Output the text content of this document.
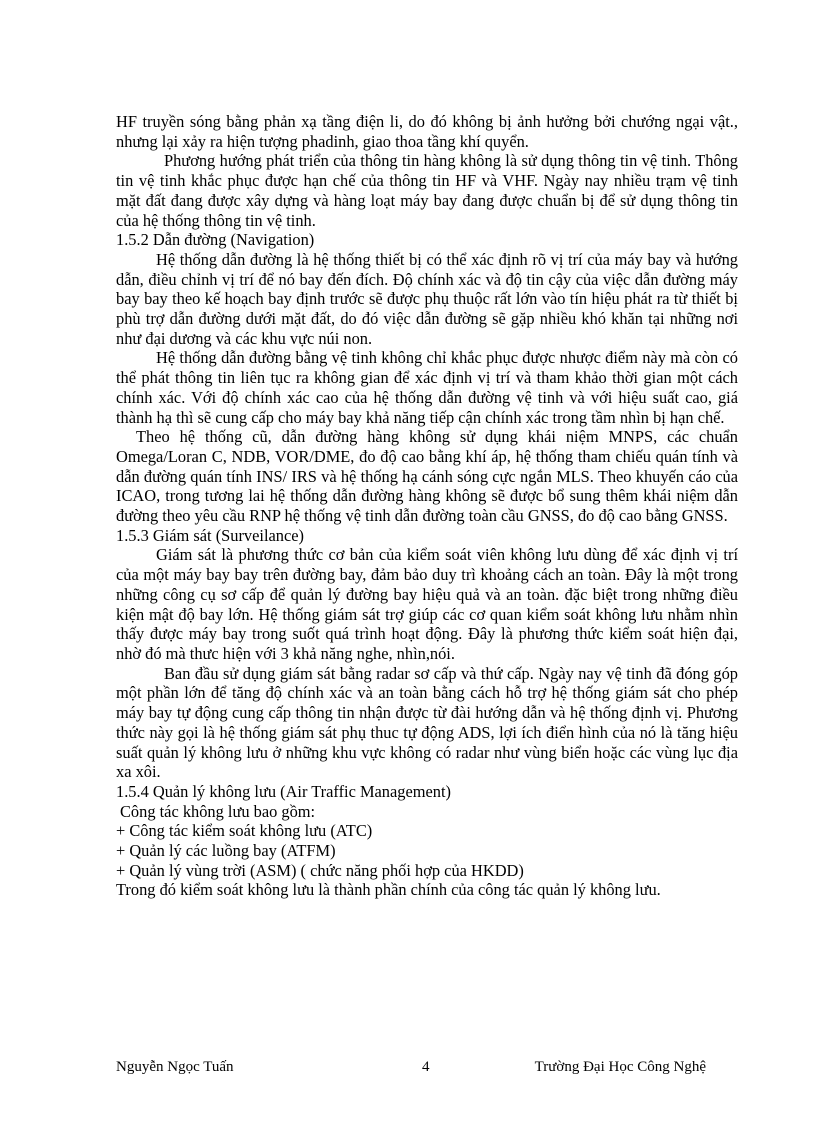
HF truyền sóng bằng phản xạ tầng điện li, do đó không bị ảnh hưởng bởi chướng ngại vật., nhưng lại xảy ra hiện tượng phadinh, giao thoa tầng khí quyển.

Phương hướng phát triển của thông tin hàng không là sử dụng thông tin vệ tinh. Thông tin vệ tinh khắc phục được hạn chế của thông tin HF và VHF. Ngày nay nhiều trạm vệ tinh mặt đất đang được xây dựng và hàng loạt máy bay đang được chuẩn bị để sử dụng thông tin của hệ thống thông tin vệ tinh.

1.5.2 Dẫn đường (Navigation)

Hệ thống dẫn đường là hệ thống thiết bị có thể xác định rõ vị trí của máy bay và hướng dẫn, điều chỉnh vị trí để nó bay đến đích. Độ chính xác và độ tin cậy của việc dẫn đường máy bay bay theo kế hoạch bay định trước sẽ được phụ thuộc rất lớn vào tín hiệu phát ra từ thiết bị phù trợ dẫn đường dưới mặt đất, do đó việc dẫn đường sẽ gặp nhiều khó khăn tại những nơi như đại dương và các khu vực núi non.

Hệ thống dẫn đường bằng vệ tinh không chỉ khắc phục được nhược điểm này mà còn có thể phát thông tin liên tục ra không gian để xác định vị trí và tham khảo thời gian một cách chính xác. Với độ chính xác cao của hệ thống dẫn đường vệ tinh và với hiệu suất cao, giá thành hạ thì sẽ cung cấp cho máy bay khả năng tiếp cận chính xác trong tầm nhìn bị hạn chế.

Theo hệ thống cũ, dẫn đường hàng không sử dụng khái niệm MNPS, các chuẩn Omega/Loran C, NDB, VOR/DME, đo độ cao bằng khí áp, hệ thống tham chiếu quán tính và dẫn đường quán tính INS/ IRS và hệ thống hạ cánh sóng cực ngắn MLS. Theo khuyến cáo của ICAO, trong tương lai hệ thống dẫn đường hàng không sẽ được bổ sung thêm khái niệm dẫn đường theo yêu cầu RNP hệ thống vệ tinh dẫn đường toàn cầu GNSS, đo độ cao bằng GNSS.

1.5.3 Giám sát (Surveilance)

Giám sát là phương thức cơ bản của kiểm soát viên không lưu dùng để xác định vị trí của một máy bay bay trên đường bay, đảm bảo duy trì khoảng cách an toàn. Đây là một trong những công cụ sơ cấp để quản lý đường bay hiệu quả và an toàn. đặc biệt trong những điều kiện mật độ bay lớn. Hệ thống giám sát trợ giúp các cơ quan kiểm soát không lưu nhằm nhìn thấy được máy bay trong suốt quá trình hoạt động. Đây là phương thức kiểm soát hiện đại, nhờ đó mà thưc hiện với 3 khả năng nghe, nhìn,nói.

Ban đầu sử dụng giám sát bằng radar sơ cấp và thứ cấp. Ngày nay vệ tinh đã đóng góp một phần lớn để tăng độ chính xác và an toàn bằng cách hỗ trợ hệ thống giám sát cho phép máy bay tự động cung cấp thông tin nhận được từ đài hướng dẫn và hệ thống định vị. Phương thức này gọi là hệ thống giám sát phụ thuc tự động ADS, lợi ích điển hình của nó là tăng hiệu suất quản lý không lưu ở những khu vực không có radar như vùng biển hoặc các vùng lục địa xa xôi.

1.5.4 Quản lý không lưu (Air Traffic Management)

Công tác không lưu bao gồm:

+ Công tác kiểm soát không lưu (ATC)

+ Quản lý các luồng bay (ATFM)

+ Quản lý vùng trời (ASM) ( chức năng phối hợp của HKDD)

Trong đó kiểm soát không lưu là thành phần chính của công tác quản lý không lưu.

Nguyễn Ngọc Tuấn	4	Trường Đại Học Công Nghệ
